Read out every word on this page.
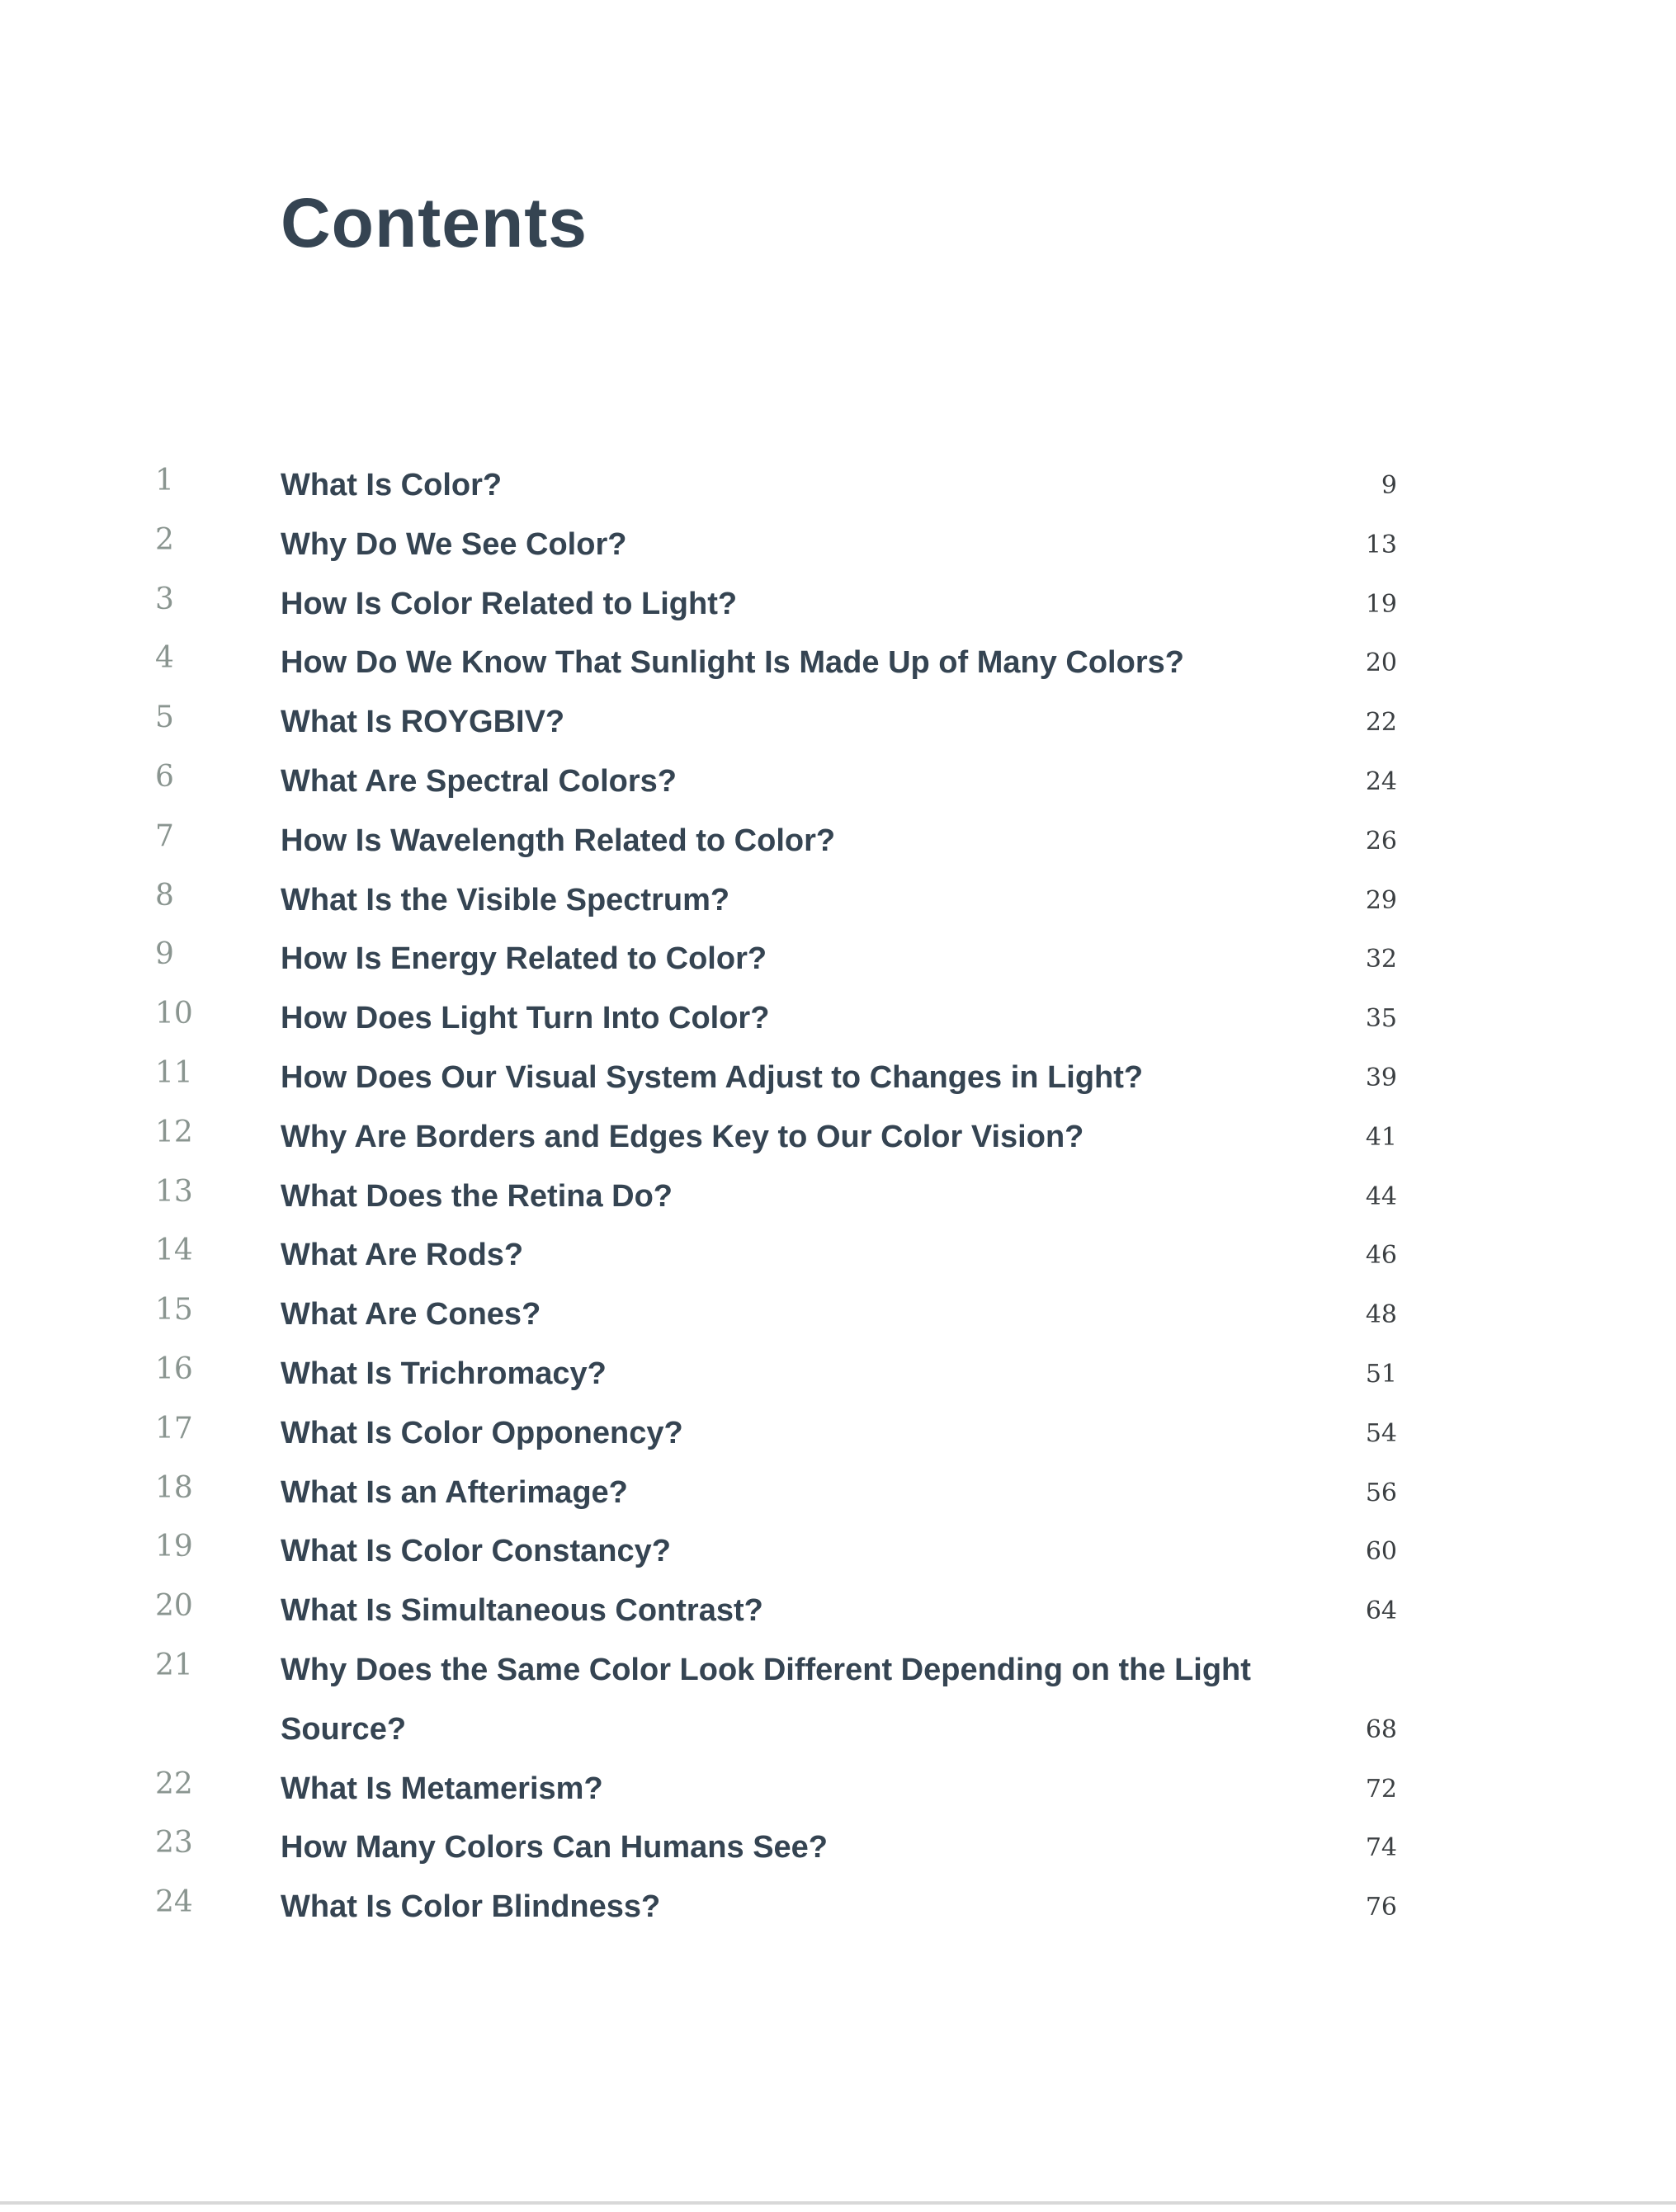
Contents
1	What Is Color?	9
2	Why Do We See Color?	13
3	How Is Color Related to Light?	19
4	How Do We Know That Sunlight Is Made Up of Many Colors?	20
5	What Is ROYGBIV?	22
6	What Are Spectral Colors?	24
7	How Is Wavelength Related to Color?	26
8	What Is the Visible Spectrum?	29
9	How Is Energy Related to Color?	32
10	How Does Light Turn Into Color?	35
11	How Does Our Visual System Adjust to Changes in Light?	39
12	Why Are Borders and Edges Key to Our Color Vision?	41
13	What Does the Retina Do?	44
14	What Are Rods?	46
15	What Are Cones?	48
16	What Is Trichromacy?	51
17	What Is Color Opponency?	54
18	What Is an Afterimage?	56
19	What Is Color Constancy?	60
20	What Is Simultaneous Contrast?	64
21	Why Does the Same Color Look Different Depending on the Light Source?	68
22	What Is Metamerism?	72
23	How Many Colors Can Humans See?	74
24	What Is Color Blindness?	76
